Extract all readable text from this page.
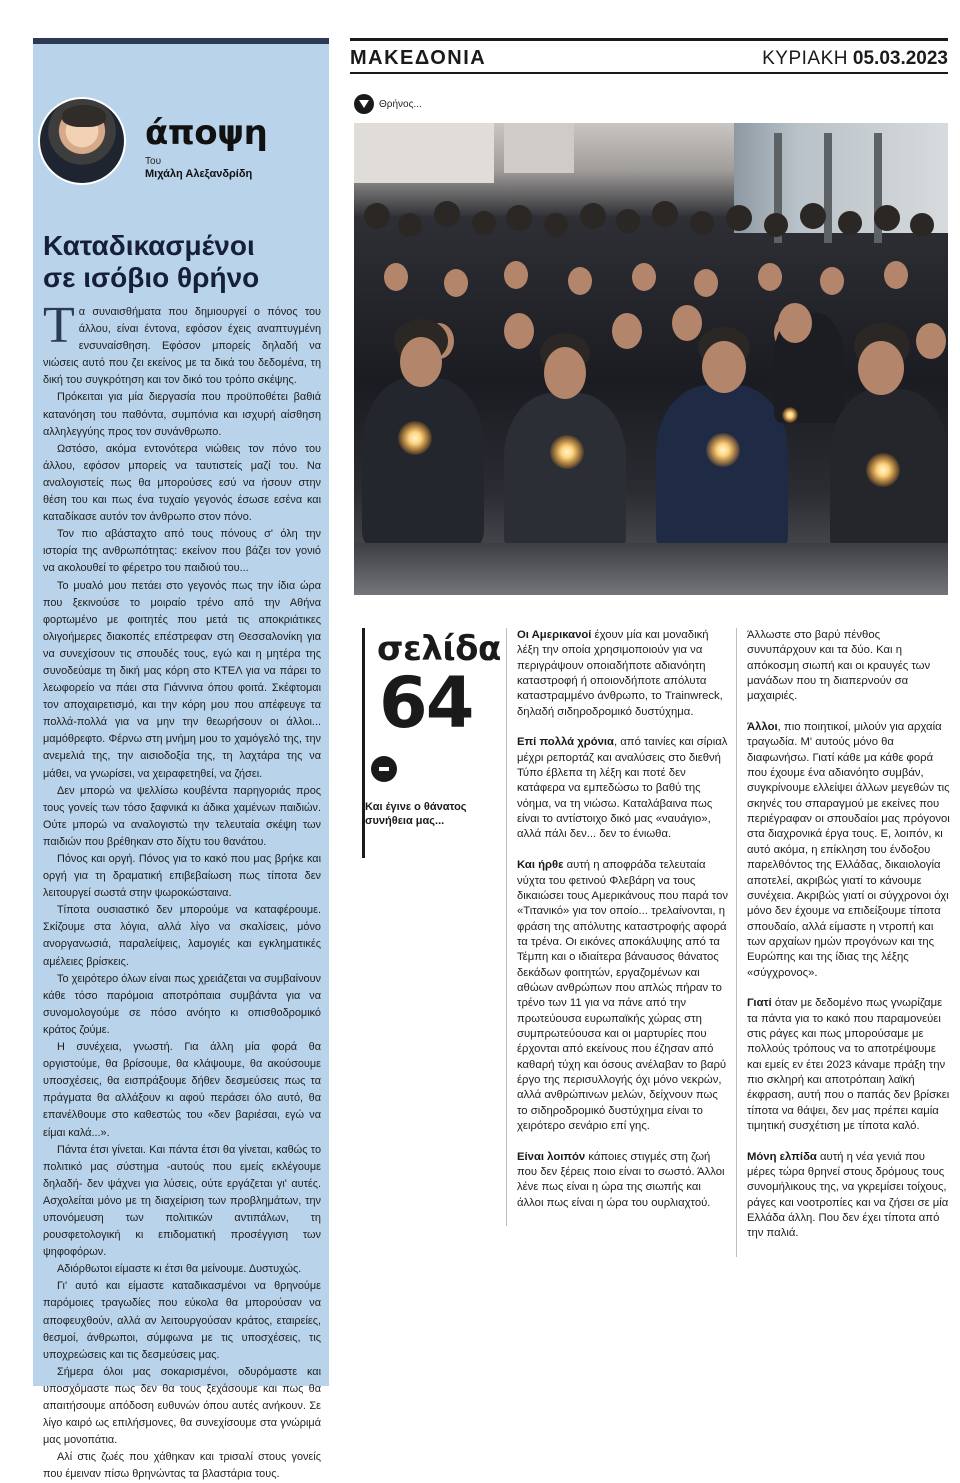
άποψη
Του
Μιχάλη Αλεξανδρίδη
Καταδικασμένοι
σε ισόβιο θρήνο

Τα συναισθήματα που δημιουργεί ο πόνος του άλλου, είναι έντονα, εφόσον έχεις αναπτυγμένη ενσυναίσθηση. Εφόσον μπορείς δηλαδή να νιώσεις αυτό που ζει εκείνος με τα δικά του δεδομένα, τη δική του συγκρότηση και τον δικό του τρόπο σκέψης.

Πρόκειται για μία διεργασία που προϋποθέτει βαθιά κατανόηση του παθόντα, συμπόνια και ισχυρή αίσθηση αλληλεγγύης προς τον συνάνθρωπο.

Ωστόσο, ακόμα εντονότερα νιώθεις τον πόνο του άλλου, εφόσον μπορείς να ταυτιστείς μαζί του. Να αναλογιστείς πως θα μπορούσες εσύ να ήσουν στην θέση του και πως ένα τυχαίο γεγονός έσωσε εσένα και καταδίκασε αυτόν τον άνθρωπο στον πόνο.

Τον πιο αβάσταχτο από τους πόνους σ' όλη την ιστορία της ανθρωπότητας: εκείνον που βάζει τον γονιό να ακολουθεί το φέρετρο του παιδιού του...

Το μυαλό μου πετάει στο γεγονός πως την ίδια ώρα που ξεκινούσε το μοιραίο τρένο από την Αθήνα φορτωμένο με φοιτητές που μετά τις αποκριάτικες ολιγοήμερες διακοπές επέστρεφαν στη Θεσσαλονίκη για να συνεχίσουν τις σπουδές τους, εγώ και η μητέρα της συνοδεύαμε τη δική μας κόρη στο ΚΤΕΛ για να πάρει το λεωφορείο να πάει στα Γιάννινα όπου φοιτά. Σκέφτομαι τον αποχαιρετισμό, και την κόρη μου που απέφευγε τα πολλά-πολλά για να μην την θεωρήσουν οι άλλοι... μαμόθρεφτο. Φέρνω στη μνήμη μου το χαμόγελό της, την ανεμελιά της, την αισιοδοξία της, τη λαχτάρα της να μάθει, να γνωρίσει, να χειραφετηθεί, να ζήσει.

Δεν μπορώ να ψελλίσω κουβέντα παρηγοριάς προς τους γονείς των τόσο ξαφνικά κι άδικα χαμένων παιδιών. Ούτε μπορώ να αναλογιστώ την τελευταία σκέψη των παιδιών που βρέθηκαν στο δίχτυ του θανάτου.

Πόνος και οργή. Πόνος για το κακό που μας βρήκε και οργή για τη δραματική επιβεβαίωση πως τίποτα δεν λειτουργεί σωστά στην ψωροκώσταινα.

Τίποτα ουσιαστικό δεν μπορούμε να καταφέρουμε. Σκίζουμε στα λόγια, αλλά λίγο να σκαλίσεις, μόνο ανοργανωσιά, παραλείψεις, λαμογιές και εγκληματικές αμέλειες βρίσκεις.

Το χειρότερο όλων είναι πως χρειάζεται να συμβαίνουν κάθε τόσο παρόμοια αποτρόπαια συμβάντα για να συνομολογούμε σε πόσο ανόητο κι οπισθοδρομικό κράτος ζούμε.

Η συνέχεια, γνωστή. Για άλλη μία φορά θα οργιστούμε, θα βρίσουμε, θα κλάψουμε, θα ακούσουμε υποσχέσεις, θα εισπράξουμε δήθεν δεσμεύσεις πως τα πράγματα θα αλλάξουν κι αφού περάσει όλο αυτό, θα επανέλθουμε στο καθεστώς του «δεν βαριέσαι, εγώ να είμαι καλά...».

Πάντα έτσι γίνεται. Και πάντα έτσι θα γίνεται, καθώς το πολιτικό μας σύστημα -αυτούς που εμείς εκλέγουμε δηλαδή- δεν ψάχνει για λύσεις, ούτε εργάζεται γι' αυτές. Ασχολείται μόνο με τη διαχείριση των προβλημάτων, την υπονόμευση των πολιτικών αντιπάλων, τη ρουσφετολογική κι επιδοματική προσέγγιση των ψηφοφόρων.

Αδιόρθωτοι είμαστε κι έτσι θα μείνουμε. Δυστυχώς.

Γι' αυτό και είμαστε καταδικασμένοι να θρηνούμε παρόμοιες τραγωδίες που εύκολα θα μπορούσαν να αποφευχθούν, αλλά αν λειτουργούσαν κράτος, εταιρείες, θεσμοί, άνθρωποι, σύμφωνα με τις υποσχέσεις, τις υποχρεώσεις και τις δεσμεύσεις μας.

Σήμερα όλοι μας σοκαρισμένοι, οδυρόμαστε και υποσχόμαστε πως δεν θα τους ξεχάσουμε και πως θα απαιτήσουμε απόδοση ευθυνών όπου αυτές ανήκουν. Σε λίγο καιρό ως επιλήσμονες, θα συνεχίσουμε στα γνώριμά μας μονοπάτια.

Αλί στις ζωές που χάθηκαν και τρισαλί στους γονείς που έμειναν πίσω θρηνώντας τα βλαστάρια τους.

ΜΑΚΕΔΟΝΙΑ	ΚΥΡΙΑΚΗ 05.03.2023
Θρήνος...
σελίδα
64
Και έγινε ο θάνατος συνήθεια μας...

Οι Αμερικανοί έχουν μία και μοναδική λέξη την οποία χρησιμοποιούν για να περιγράψουν οποιαδήποτε αδιανόητη καταστροφή ή οποιονδήποτε απόλυτα καταστραμμένο άνθρωπο, το Trainwreck, δηλαδή σιδηροδρομικό δυστύχημα.

Επί πολλά χρόνια, από ταινίες και σίριαλ μέχρι ρεπορτάζ και αναλύσεις στο διεθνή Τύπο έβλεπα τη λέξη και ποτέ δεν κατάφερα να εμπεδώσω το βαθύ της νόημα, να τη νιώσω. Καταλάβαινα πως είναι το αντίστοιχο δικό μας «ναυάγιο», αλλά πάλι δεν... δεν το ένιωθα.

Και ήρθε αυτή η αποφράδα τελευταία νύχτα του φετινού Φλεβάρη να τους δικαιώσει τους Αμερικάνους που παρά τον «Τιτανικό» για τον οποίο... τρελαίνονται, η φράση της απόλυτης καταστροφής αφορά τα τρένα. Οι εικόνες αποκάλυψης από τα Τέμπη και ο ιδιαίτερα βάναυσος θάνατος δεκάδων φοιτητών, εργαζομένων και αθώων ανθρώπων που απλώς πήραν το τρένο των 11 για να πάνε από την πρωτεύουσα ευρωπαϊκής χώρας στη συμπρωτεύουσα και οι μαρτυρίες που έρχονται από εκείνους που έζησαν από καθαρή τύχη και όσους ανέλαβαν το βαρύ έργο της περισυλλογής όχι μόνο νεκρών, αλλά ανθρώπινων μελών, δείχνουν πως το σιδηροδρομικό δυστύχημα είναι το χειρότερο σενάριο επί γης.

Είναι λοιπόν κάποιες στιγμές στη ζωή που δεν ξέρεις ποιο είναι το σωστό. Άλλοι λένε πως είναι η ώρα της σιωπής και άλλοι πως είναι η ώρα του ουρλιαχτού.

Άλλωστε στο βαρύ πένθος συνυπάρχουν και τα δύο. Και η απόκοσμη σιωπή και οι κραυγές των μανάδων που τη διαπερνούν σα μαχαιριές.

Άλλοι, πιο ποιητικοί, μιλούν για αρχαία τραγωδία. Μ' αυτούς μόνο θα διαφωνήσω. Γιατί κάθε μα κάθε φορά που έχουμε ένα αδιανόητο συμβάν, συγκρίνουμε ελλείψει άλλων μεγεθών τις σκηνές του σπαραγμού με εκείνες που περιέγραφαν οι σπουδαίοι μας πρόγονοι στα διαχρονικά έργα τους. Ε, λοιπόν, κι αυτό ακόμα, η επίκληση του ένδοξου παρελθόντος της Ελλάδας, δικαιολογία αποτελεί, ακριβώς γιατί το κάνουμε συνέχεια. Ακριβώς γιατί οι σύγχρονοι όχι μόνο δεν έχουμε να επιδείξουμε τίποτα σπουδαίο, αλλά είμαστε η ντροπή και των αρχαίων ημών προγόνων και της Ευρώπης και της ίδιας της λέξης «σύγχρονος».

Γιατί όταν με δεδομένο πως γνωρίζαμε τα πάντα για το κακό που παραμονεύει στις ράγες και πως μπορούσαμε με πολλούς τρόπους να το αποτρέψουμε και εμείς εν έτει 2023 κάναμε πράξη την πιο σκληρή και αποτρόπαιη λαϊκή έκφραση, αυτή που ο παπάς δεν βρίσκει τίποτα να θάψει, δεν μας πρέπει καμία τιμητική συσχέτιση με τίποτα καλό.

Μόνη ελπίδα αυτή η νέα γενιά που μέρες τώρα θρηνεί στους δρόμους τους συνομήλικους της, να γκρεμίσει τοίχους, ράγες και νοοτροπίες και να ζήσει σε μία Ελλάδα άλλη. Που δεν έχει τίποτα από την παλιά.
